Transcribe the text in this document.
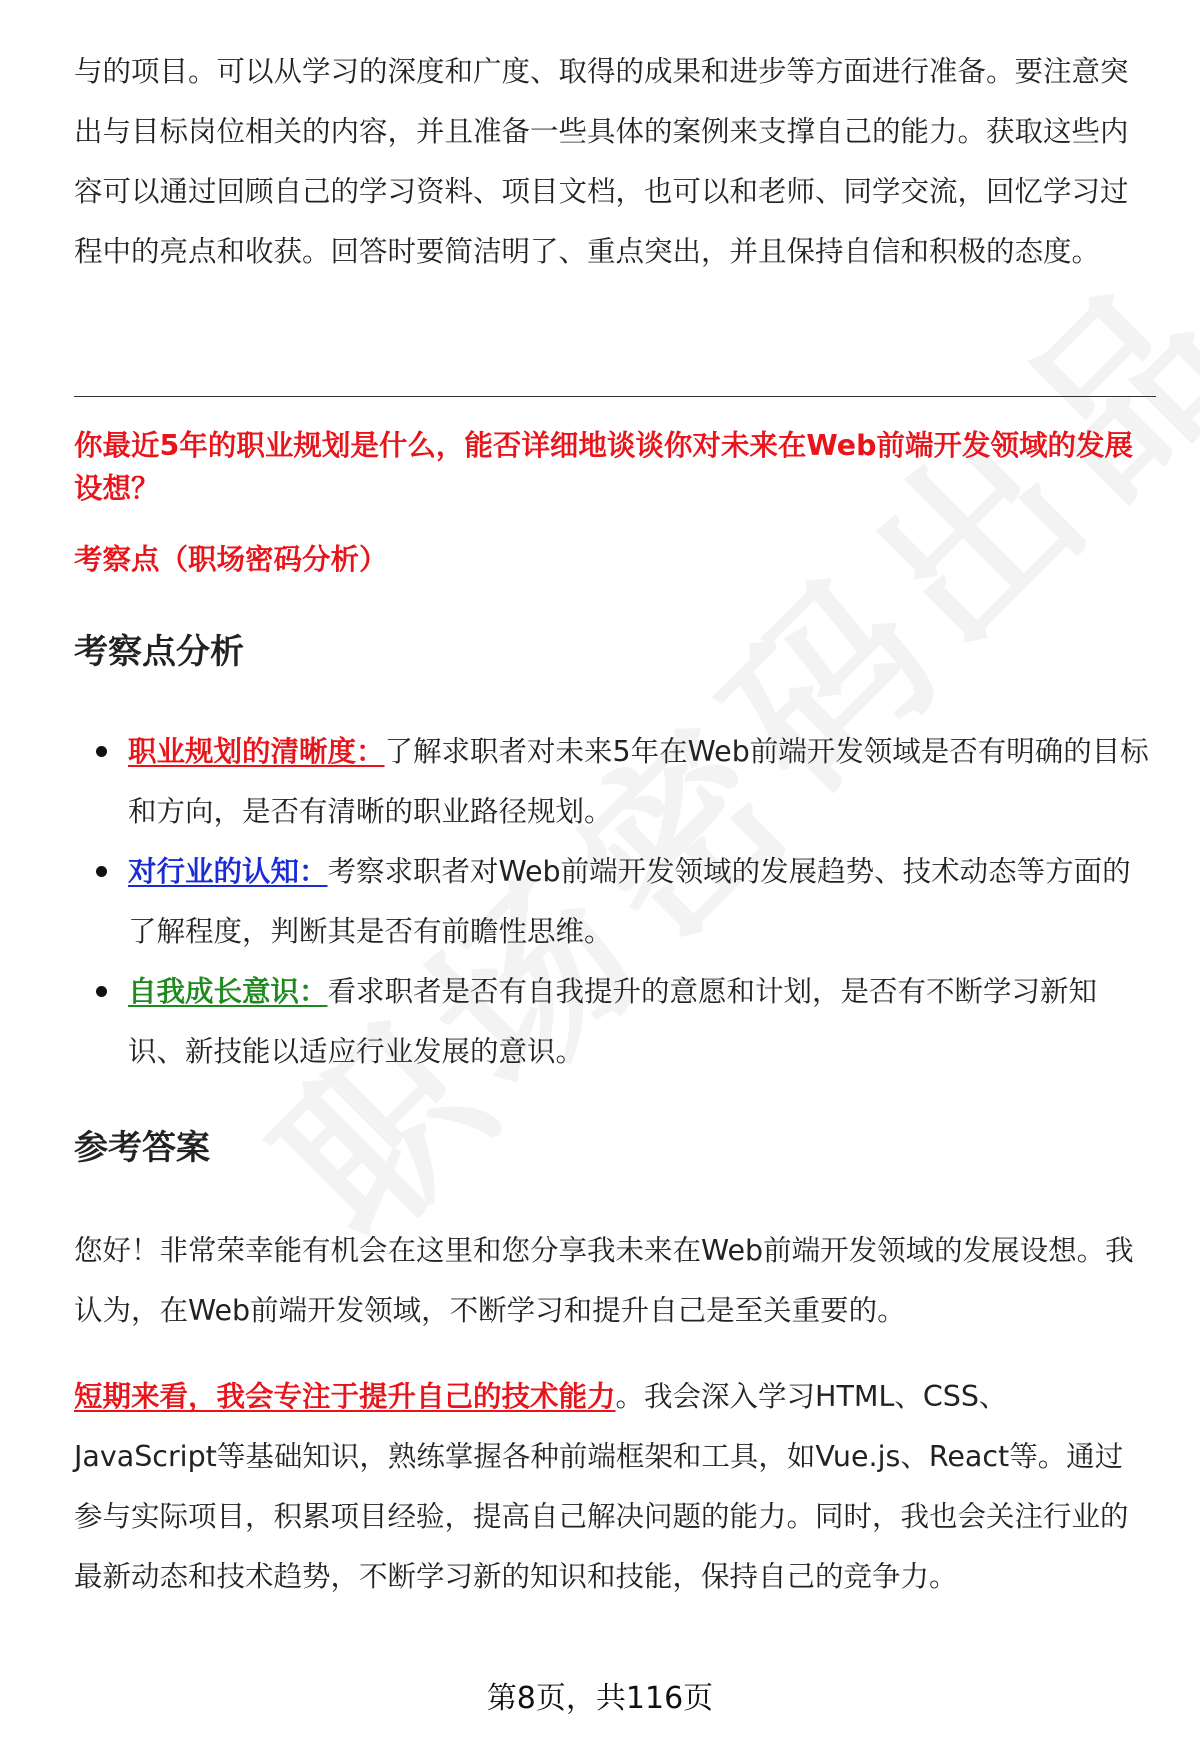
与的项目。可以从学习的深度和广度、取得的成果和进步等方面进行准备。要注意突出与目标岗位相关的内容，并且准备一些具体的案例来支撑自己的能力。获取这些内容可以通过回顾自己的学习资料、项目文档，也可以和老师、同学交流，回忆学习过程中的亮点和收获。回答时要简洁明了、重点突出，并且保持自信和积极的态度。

你最近5年的职业规划是什么，能否详细地谈谈你对未来在Web前端开发领域的发展设想？

考察点（职场密码分析）

考察点分析
职业规划的清晰度：了解求职者对未来5年在Web前端开发领域是否有明确的目标和方向，是否有清晰的职业路径规划。
对行业的认知：考察求职者对Web前端开发领域的发展趋势、技术动态等方面的了解程度，判断其是否有前瞻性思维。
自我成长意识：看求职者是否有自我提升的意愿和计划，是否有不断学习新知识、新技能以适应行业发展的意识。
参考答案

您好！非常荣幸能有机会在这里和您分享我未来在Web前端开发领域的发展设想。我认为，在Web前端开发领域，不断学习和提升自己是至关重要的。

短期来看，我会专注于提升自己的技术能力。我会深入学习HTML、CSS、JavaScript等基础知识，熟练掌握各种前端框架和工具，如Vue.js、React等。通过参与实际项目，积累项目经验，提高自己解决问题的能力。同时，我也会关注行业的最新动态和技术趋势，不断学习新的知识和技能，保持自己的竞争力。

第8页，共116页
